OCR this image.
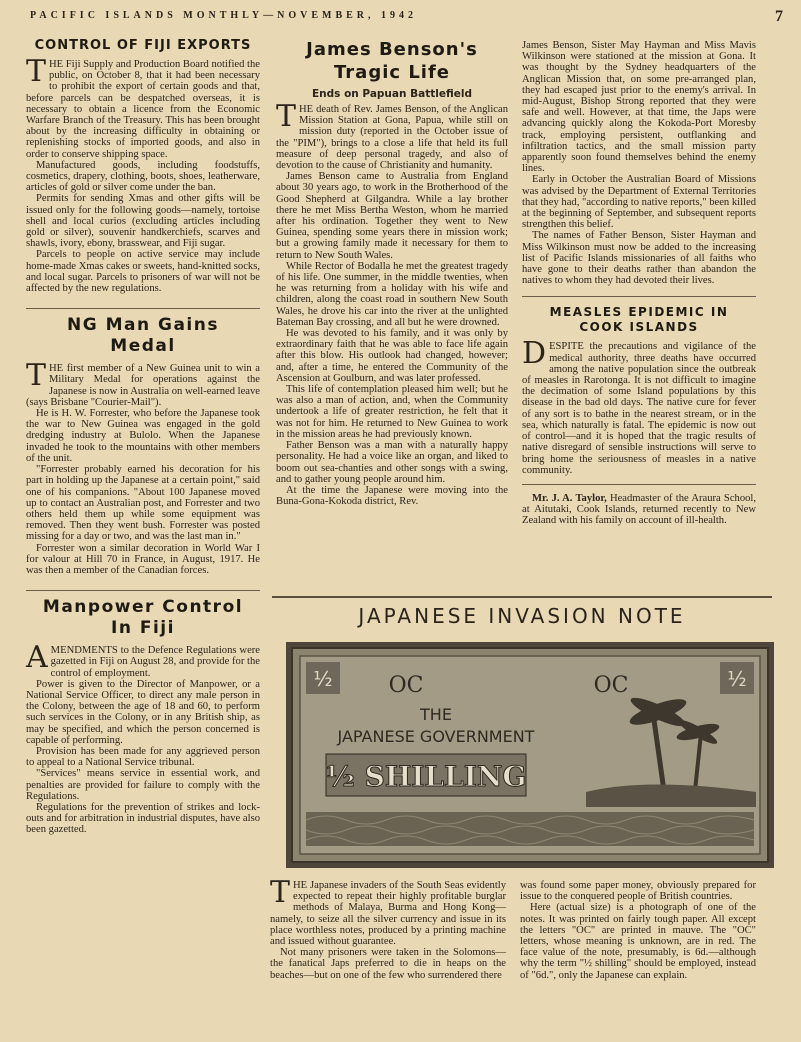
PACIFIC ISLANDS MONTHLY—NOVEMBER, 1942	7
CONTROL OF FIJI EXPORTS

THE Fiji Supply and Production Board notified the public, on October 8, that it had been necessary to prohibit the export of certain goods and that, before parcels can be despatched overseas, it is necessary to obtain a licence from the Economic Warfare Branch of the Treasury. This has been brought about by the increasing difficulty in obtaining or replenishing stocks of imported goods, and also in order to conserve shipping space.

Manufactured goods, including foodstuffs, cosmetics, drapery, clothing, boots, shoes, leatherware, articles of gold or silver come under the ban.

Permits for sending Xmas and other gifts will be issued only for the following goods—namely, tortoise shell and local curios (excluding articles including gold or silver), souvenir handkerchiefs, scarves and shawls, ivory, ebony, brasswear, and Fiji sugar.

Parcels to people on active service may include home-made Xmas cakes or sweets, hand-knitted socks, and local sugar. Parcels to prisoners of war will not be affected by the new regulations.

NG Man Gains Medal

THE first member of a New Guinea unit to win a Military Medal for operations against the Japanese is now in Australia on well-earned leave (says Brisbane "Courier-Mail").

He is H. W. Forrester, who before the Japanese took the war to New Guinea was engaged in the gold dredging industry at Bulolo. When the Japanese invaded he took to the mountains with other members of the unit.

"Forrester probably earned his decoration for his part in holding up the Japanese at a certain point," said one of his companions. "About 100 Japanese moved up to contact an Australian post, and Forrester and two others held them up while some equipment was removed. Then they went bush. Forrester was posted missing for a day or two, and was the last man in."

Forrester won a similar decoration in World War I for valour at Hill 70 in France, in August, 1917. He was then a member of the Canadian forces.

Manpower Control In Fiji

AMENDMENTS to the Defence Regulations were gazetted in Fiji on August 28, and provide for the control of employment.

Power is given to the Director of Manpower, or a National Service Officer, to direct any male person in the Colony, between the age of 18 and 60, to perform such services in the Colony, or in any British ship, as may be specified, and which the person concerned is capable of performing.

Provision has been made for any aggrieved person to appeal to a National Service tribunal.

"Services" means service in essential work, and penalties are provided for failure to comply with the Regulations.

Regulations for the prevention of strikes and lock-outs and for arbitration in industrial disputes, have also been gazetted.

James Benson's Tragic Life
Ends on Papuan Battlefield

THE death of Rev. James Benson, of the Anglican Mission Station at Gona, Papua, while still on mission duty (reported in the October issue of the "PIM"), brings to a close a life that held its full measure of deep personal tragedy, and also of devotion to the cause of Christianity and humanity.

James Benson came to Australia from England about 30 years ago, to work in the Brotherhood of the Good Shepherd at Gilgandra. While a lay brother there he met Miss Bertha Weston, whom he married after his ordination. Together they went to New Guinea, spending some years there in mission work; but a growing family made it necessary for them to return to New South Wales.

While Rector of Bodalla he met the greatest tragedy of his life. One summer, in the middle twenties, when he was returning from a holiday with his wife and children, along the coast road in southern New South Wales, he drove his car into the river at the unlighted Bateman Bay crossing, and all but he were drowned.

He was devoted to his family, and it was only by extraordinary faith that he was able to face life again after this blow. His outlook had changed, however; and, after a time, he entered the Community of the Ascension at Goulburn, and was later professed.

This life of contemplation pleased him well; but he was also a man of action, and, when the Community undertook a life of greater restriction, he felt that it was not for him. He returned to New Guinea to work in the mission areas he had previously known.

Father Benson was a man with a naturally happy personality. He had a voice like an organ, and liked to boom out sea-chanties and other songs with a swing, and to gather young people around him.

At the time the Japanese were moving into the Buna-Gona-Kokoda district, Rev.

James Benson, Sister May Hayman and Miss Mavis Wilkinson were stationed at the mission at Gona. It was thought by the Sydney headquarters of the Anglican Mission that, on some pre-arranged plan, they had escaped just prior to the enemy's arrival. In mid-August, Bishop Strong reported that they were safe and well. However, at that time, the Japs were advancing quickly along the Kokoda-Port Moresby track, employing persistent, outflanking and infiltration tactics, and the small mission party apparently soon found themselves behind the enemy lines.

Early in October the Australian Board of Missions was advised by the Department of External Territories that they had, "according to native reports," been killed at the beginning of September, and subsequent reports strengthen this belief.

The names of Father Benson, Sister Hayman and Miss Wilkinson must now be added to the increasing list of Pacific Islands missionaries of all faiths who have gone to their deaths rather than abandon the natives to whom they had devoted their lives.

MEASLES EPIDEMIC IN COOK ISLANDS

DESPITE the precautions and vigilance of the medical authority, three deaths have occurred among the native population since the outbreak of measles in Rarotonga. It is not difficult to imagine the decimation of some Island populations by this disease in the bad old days. The native cure for fever of any sort is to bathe in the nearest stream, or in the sea, which naturally is fatal. The epidemic is now out of control—and it is hoped that the tragic results of native disregard of sensible instructions will serve to bring home the seriousness of measles in a native community.

Mr. J. A. Taylor, Headmaster of the Araura School, at Aitutaki, Cook Islands, returned recently to New Zealand with his family on account of ill-health.

JAPANESE INVASION NOTE
½	½
OC	OC
THE
JAPANESE GOVERNMENT
½ SHILLING

THE Japanese invaders of the South Seas evidently expected to repeat their highly profitable burglar methods of Malaya, Burma and Hong Kong—namely, to seize all the silver currency and issue in its place worthless notes, produced by a printing machine and issued without guarantee.

Not many prisoners were taken in the Solomons—the fanatical Japs preferred to die in heaps on the beaches—but on one of the few who surrendered there

was found some paper money, obviously prepared for issue to the conquered people of British countries.

Here (actual size) is a photograph of one of the notes. It was printed on fairly tough paper. All except the letters "OC" are printed in mauve. The "OC" letters, whose meaning is unknown, are in red. The face value of the note, presumably, is 6d.—although why the term "½ shilling" should be employed, instead of "6d.", only the Japanese can explain.
